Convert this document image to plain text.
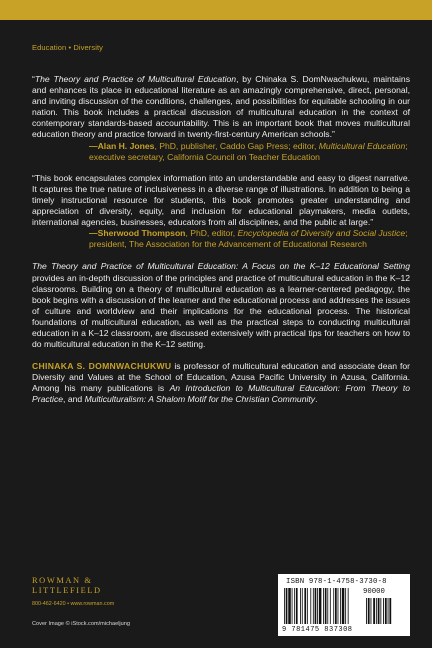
Education • Diversity

“The Theory and Practice of Multicultural Education, by Chinaka S. DomNwachukwu, maintains and enhances its place in educational literature as an amazingly comprehensive, direct, personal, and inviting discussion of the conditions, challenges, and possibilities for equitable schooling in our nation. This book includes a practical discussion of multicultural education in the context of contemporary standards-based accountability. This is an important book that moves multicultural education theory and practice forward in twenty-first-century American schools.”

—Alan H. Jones, PhD, publisher, Caddo Gap Press; editor, Multicultural Education; executive secretary, California Council on Teacher Education

“This book encapsulates complex information into an understandable and easy to digest narrative. It captures the true nature of inclusiveness in a diverse range of illustrations. In addition to being a timely instructional resource for students, this book promotes greater understanding and appreciation of diversity, equity, and inclusion for educational playmakers, media outlets, international agencies, businesses, educators from all disciplines, and the public at large.”

—Sherwood Thompson, PhD, editor, Encyclopedia of Diversity and Social Justice; president, The Association for the Advancement of Educational Research

The Theory and Practice of Multicultural Education: A Focus on the K–12 Educational Setting provides an in-depth discussion of the principles and practice of multicultural education in the K–12 classrooms. Building on a theory of multicultural education as a learner-centered pedagogy, the book begins with a discussion of the learner and the educational process and addresses the issues of culture and worldview and their implications for the educational process. The historical foundations of multicultural education, as well as the practical steps to conducting multicultural education in a K–12 classroom, are discussed extensively with practical tips for teachers on how to do multicultural education in the K–12 setting.

CHINAKA S. DOMNWACHUKWU is professor of multicultural education and associate dean for Diversity and Values at the School of Education, Azusa Pacific University in Azusa, California. Among his many publications is An Introduction to Multicultural Education: From Theory to Practice, and Multiculturalism: A Shalom Motif for the Christian Community.

ROWMAN &
LITTLEFIELD
800-462-6420 • www.rowman.com
Cover Image © iStock.com/michaeljung
ISBN 978-1-4758-3730-8
90000
9 781475 837308
